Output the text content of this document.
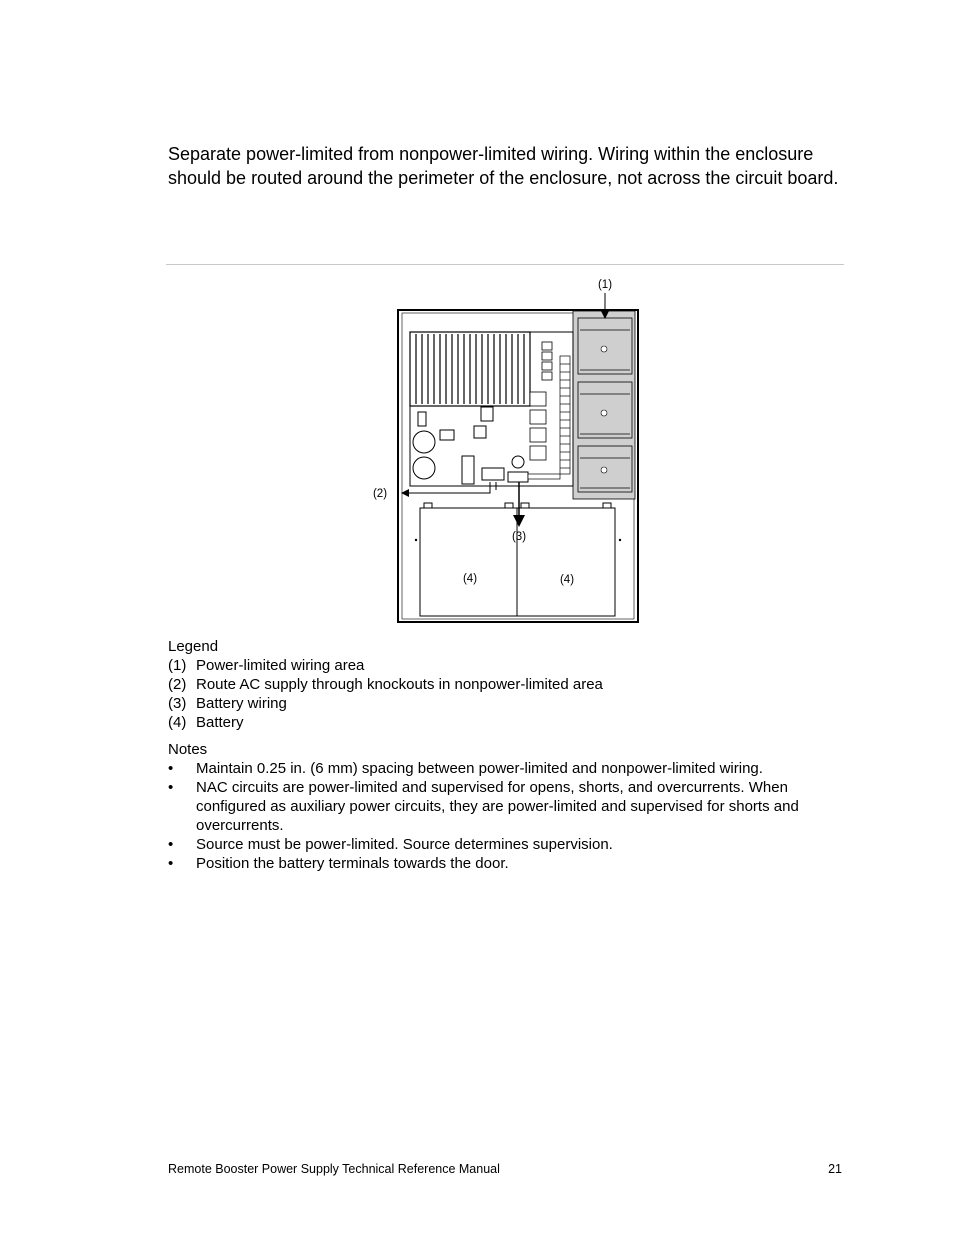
Separate power-limited from nonpower-limited wiring. Wiring within the enclosure should be routed around the perimeter of the enclosure, not across the circuit board.

(1)
(2)
(3)
(4)	(4)

Legend

(1) Power-limited wiring area
(2) Route AC supply through knockouts in nonpower-limited area
(3) Battery wiring
(4) Battery

Notes

•	Maintain 0.25 in. (6 mm) spacing between power-limited and nonpower-limited wiring.
•	NAC circuits are power-limited and supervised for opens, shorts, and overcurrents. When configured as auxiliary power circuits, they are power-limited and supervised for shorts and overcurrents.
•	Source must be power-limited. Source determines supervision.
•	Position the battery terminals towards the door.
Remote Booster Power Supply Technical Reference Manual	21
